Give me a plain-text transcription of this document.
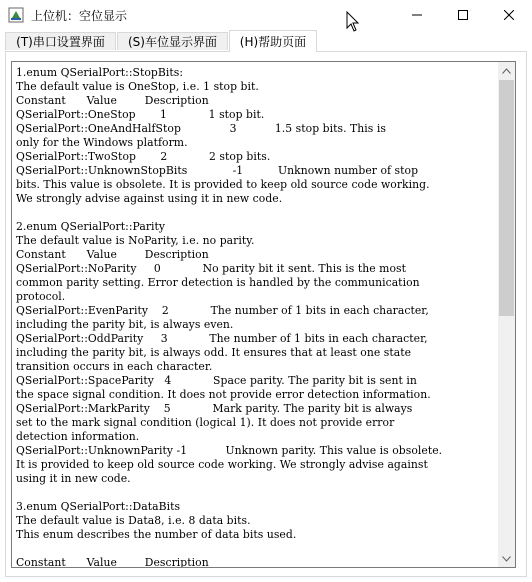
上位机：空位显示
(T)串口设置界面	(S)车位显示界面	(H)帮助页面
1.enum QSerialPort::StopBits:
The default value is OneStop, i.e. 1 stop bit.
Constant      Value        Description
QSerialPort::OneStop       1            1 stop bit.
QSerialPort::OneAndHalfStop              3           1.5 stop bits. This is
only for the Windows platform.
QSerialPort::TwoStop       2            2 stop bits.
QSerialPort::UnknownStopBits             -1          Unknown number of stop
bits. This value is obsolete. It is provided to keep old source code working.
We strongly advise against using it in new code.
2.enum QSerialPort::Parity
The default value is NoParity, i.e. no parity.
Constant      Value        Description
QSerialPort::NoParity     0            No parity bit it sent. This is the most
common parity setting. Error detection is handled by the communication
protocol.
QSerialPort::EvenParity    2            The number of 1 bits in each character,
including the parity bit, is always even.
QSerialPort::OddParity     3            The number of 1 bits in each character,
including the parity bit, is always odd. It ensures that at least one state
transition occurs in each character.
QSerialPort::SpaceParity   4            Space parity. The parity bit is sent in
the space signal condition. It does not provide error detection information.
QSerialPort::MarkParity    5            Mark parity. The parity bit is always
set to the mark signal condition (logical 1). It does not provide error
detection information.
QSerialPort::UnknownParity -1           Unknown parity. This value is obsolete.
It is provided to keep old source code working. We strongly advise against
using it in new code.
3.enum QSerialPort::DataBits
The default value is Data8, i.e. 8 data bits.
This enum describes the number of data bits used.
Constant      Value        Description
